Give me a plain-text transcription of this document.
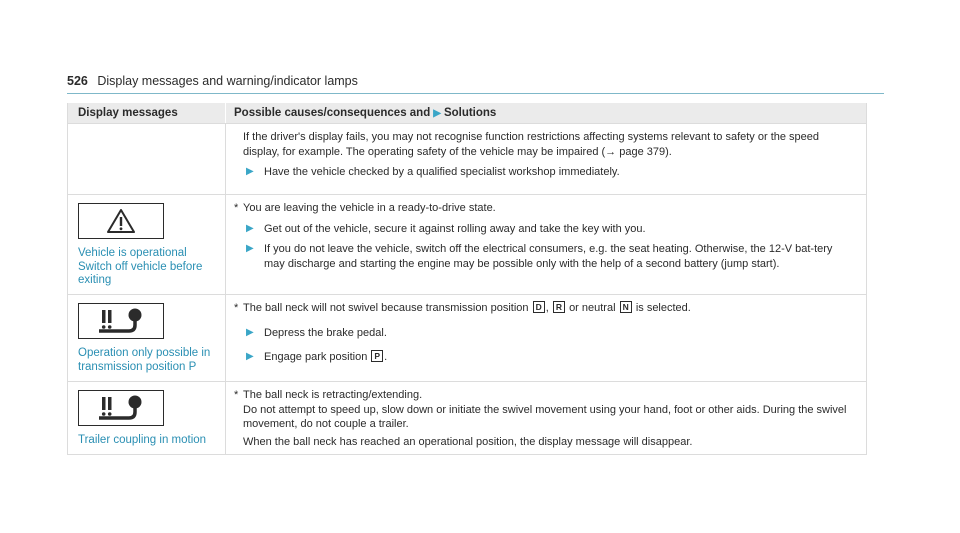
526 Display messages and warning/indicator lamps
Display messages	Possible causes/consequences and ▶ Solutions
If the driver's display fails, you may not recognise function restrictions affecting systems relevant to safety or the speed display, for example. The operating safety of the vehicle may be impaired (→ page 379).
▶ Have the vehicle checked by a qualified specialist workshop immediately.
Vehicle is operational
Switch off vehicle before
exiting
* You are leaving the vehicle in a ready-to-drive state.
▶ Get out of the vehicle, secure it against rolling away and take the key with you.
▶ If you do not leave the vehicle, switch off the electrical consumers, e.g. the seat heating. Otherwise, the 12-V bat-tery may discharge and starting the engine may be possible only with the help of a second battery (jump start).
Operation only possible in
transmission position P
* The ball neck will not swivel because transmission position D , R or neutral N is selected.
▶ Depress the brake pedal.
▶ Engage park position P .
Trailer coupling in motion
* The ball neck is retracting/extending.
Do not attempt to speed up, slow down or initiate the swivel movement using your hand, foot or other aids. During the swivel movement, do not couple a trailer.
When the ball neck has reached an operational position, the display message will disappear.
